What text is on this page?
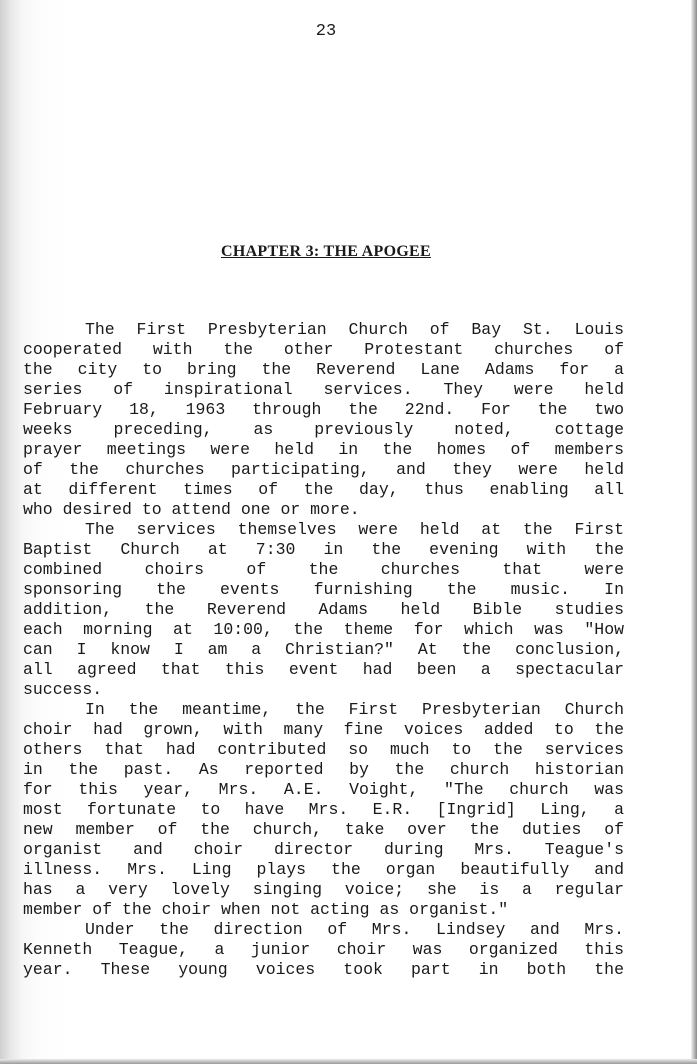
23
CHAPTER 3: THE APOGEE
The First Presbyterian Church of Bay St. Louis
cooperated with the other Protestant churches of
the city to bring the Reverend Lane Adams for a
series of inspirational services. They were held
February 18, 1963 through the 22nd. For the two
weeks preceding, as previously noted, cottage
prayer meetings were held in the homes of members
of the churches participating, and they were held
at different times of the day, thus enabling all
who desired to attend one or more.
The services themselves were held at the First
Baptist Church at 7:30 in the evening with the
combined choirs of the churches that were
sponsoring the events furnishing the music. In
addition, the Reverend Adams held Bible studies
each morning at 10:00, the theme for which was "How
can I know I am a Christian?" At the conclusion,
all agreed that this event had been a spectacular
success.
In the meantime, the First Presbyterian Church
choir had grown, with many fine voices added to the
others that had contributed so much to the services
in the past. As reported by the church historian
for this year, Mrs. A.E. Voight, "The church was
most fortunate to have Mrs. E.R. [Ingrid] Ling, a
new member of the church, take over the duties of
organist and choir director during Mrs. Teague's
illness. Mrs. Ling plays the organ beautifully and
has a very lovely singing voice; she is a regular
member of the choir when not acting as organist."
Under the direction of Mrs. Lindsey and Mrs.
Kenneth Teague, a junior choir was organized this
year. These young voices took part in both the
